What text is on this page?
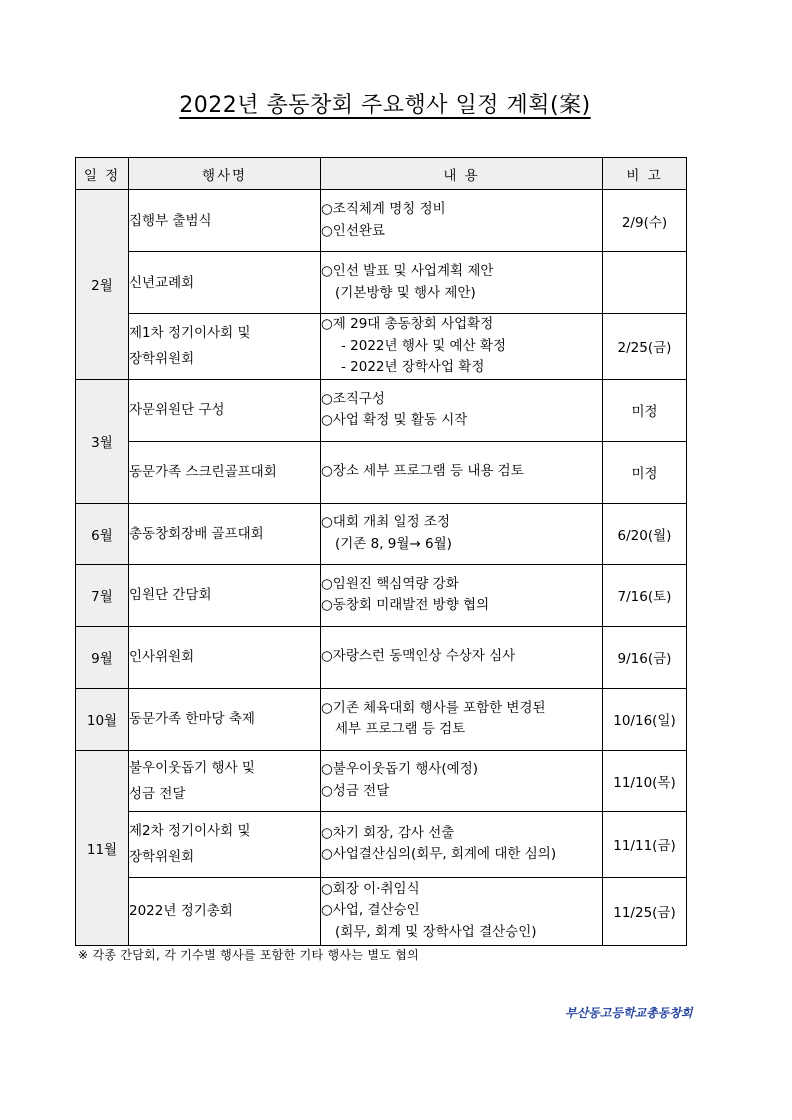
2022년 총동창회 주요행사 일정 계획(案)
일 정	행사명	내 용	비 고
2월	집행부 출범식	○조직체계 명칭 정비
○인선완료	2/9(수)
	신년교례회	○인선 발표 및 사업계획 제안
(기본방향 및 행사 제안)	

	제1차 정기이사회 및
장학위원회	○제 29대 총동창회 사업확정
- 2022년 행사 및 예산 확정
- 2022년 장학사업 확정	2/25(금)
3월	자문위원단 구성	○조직구성
○사업 확정 및 활동 시작	미정
	동문가족 스크린골프대회	○장소 세부 프로그램 등 내용 검토	미정
6월	총동창회장배 골프대회	○대회 개최 일정 조정
(기존 8, 9월→ 6월)	6/20(월)
7월	임원단 간담회	○임원진 핵심역량 강화
○동창회 미래발전 방향 협의	7/16(토)
9월	인사위원회	○자랑스런 동맥인상 수상자 심사	9/16(금)
10월	동문가족 한마당 축제	○기존 체육대회 행사를 포함한 변경된
세부 프로그램 등 검토	10/16(일)
11월	불우이웃돕기 행사 및
성금 전달	○불우이웃돕기 행사(예정)
○성금 전달	11/10(목)

	제2차 정기이사회 및
장학위원회	○차기 회장, 감사 선출
○사업결산심의(회무, 회계에 대한 심의)	11/11(금)
	2022년 정기총회	○회장 이·취임식
○사업, 결산승인
(회무, 회계 및 장학사업 결산승인)	11/25(금)
※ 각종 간담회, 각 기수별 행사를 포함한 기타 행사는 별도 협의
부산동고등학교총동창회
